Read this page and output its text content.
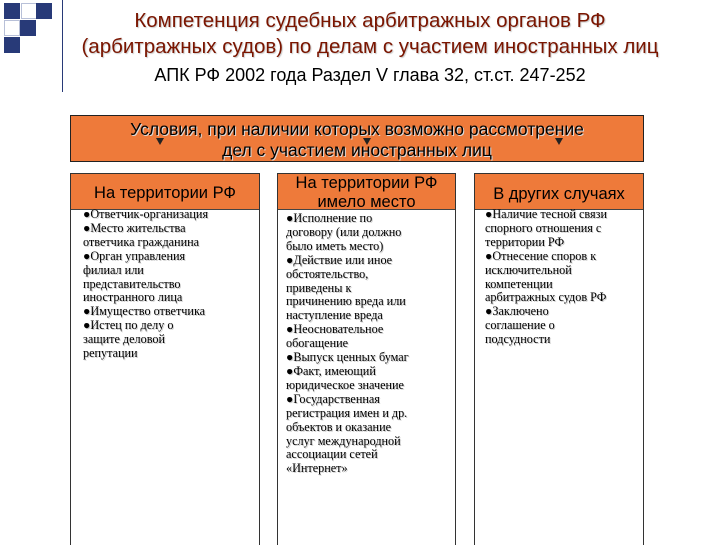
Компетенция судебных арбитражных органов РФ
(арбитражных судов) по делам с участием иностранных лиц
АПК РФ 2002 года Раздел V глава 32, ст.ст. 247-252
Условия, при наличии которых возможно рассмотрение
дел с участием иностранных лиц
На территории РФ
●Ответчик-организация
●Место жительства
ответчика гражданина
●Орган управления
филиал или
представительство
иностранного лица
●Имущество ответчика
●Истец по делу о
защите деловой
репутации
На территории РФ
имело место
●Исполнение по
договору (или должно
было иметь место)
●Действие или иное
обстоятельство,
приведены к
причинению вреда или
наступление вреда
●Неосновательное
обогащение
●Выпуск ценных бумаг
●Факт, имеющий
юридическое значение
●Государственная
регистрация имен и др.
объектов и оказание
услуг международной
ассоциации сетей
«Интернет»
В других случаях
●Наличие тесной связи
спорного отношения с
территории РФ
●Отнесение споров к
исключительной
компетенции
арбитражных судов РФ
●Заключено
соглашение о
подсудности
